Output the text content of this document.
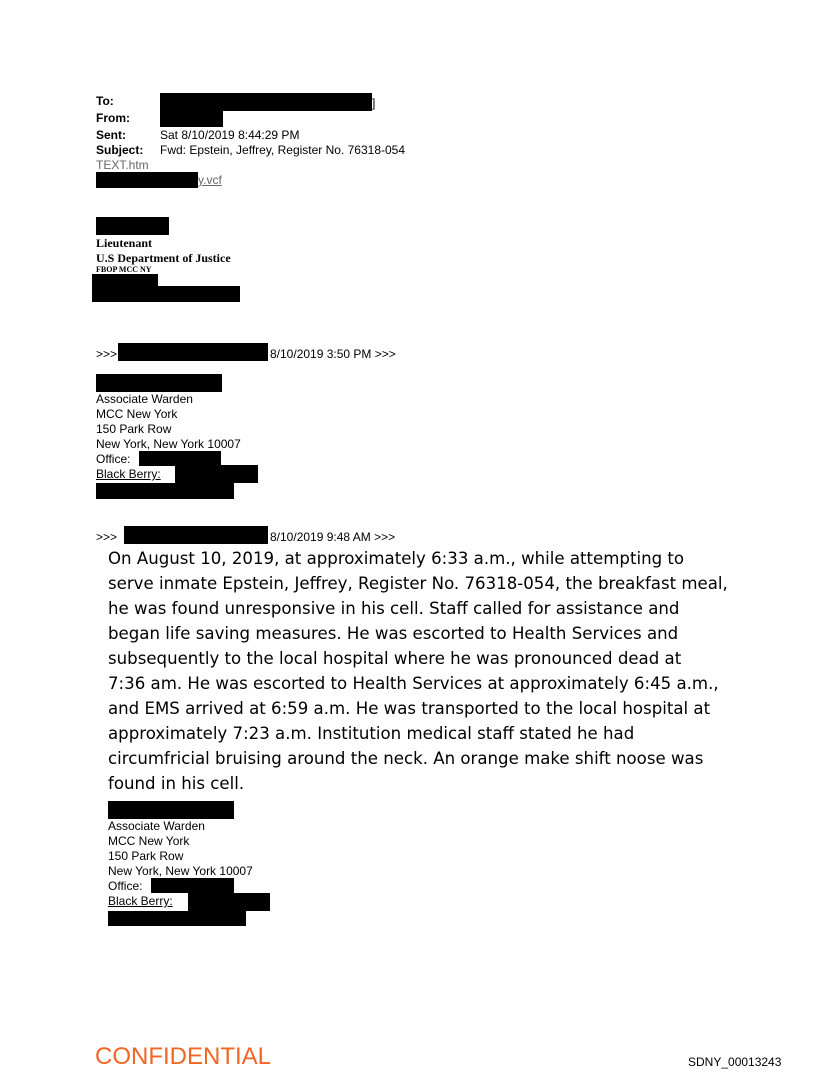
To:	]
From:
Sent:	Sat 8/10/2019 8:44:29 PM
Subject: Fwd: Epstein, Jeffrey, Register No. 76318-054
TEXT.htm
y.vcf
Lieutenant
U.S Department of Justice
FBOP MCC NY
>>>	8/10/2019 3:50 PM >>>
Associate Warden
MCC New York
150 Park Row
New York, New York 10007
Office:
Black Berry:
>>>	8/10/2019 9:48 AM >>>
On August 10, 2019, at approximately 6:33 a.m., while attempting to
serve inmate Epstein, Jeffrey, Register No. 76318-054, the breakfast meal,
he was found unresponsive in his cell. Staff called for assistance and
began life saving measures. He was escorted to Health Services and
subsequently to the local hospital where he was pronounced dead at
7:36 am. He was escorted to Health Services at approximately 6:45 a.m.,
and EMS arrived at 6:59 a.m. He was transported to the local hospital at
approximately 7:23 a.m. Institution medical staff stated he had
circumfricial bruising around the neck. An orange make shift noose was
found in his cell.
Associate Warden
MCC New York
150 Park Row
New York, New York 10007
Office:
Black Berry:
CONFIDENTIAL	SDNY_00013243
